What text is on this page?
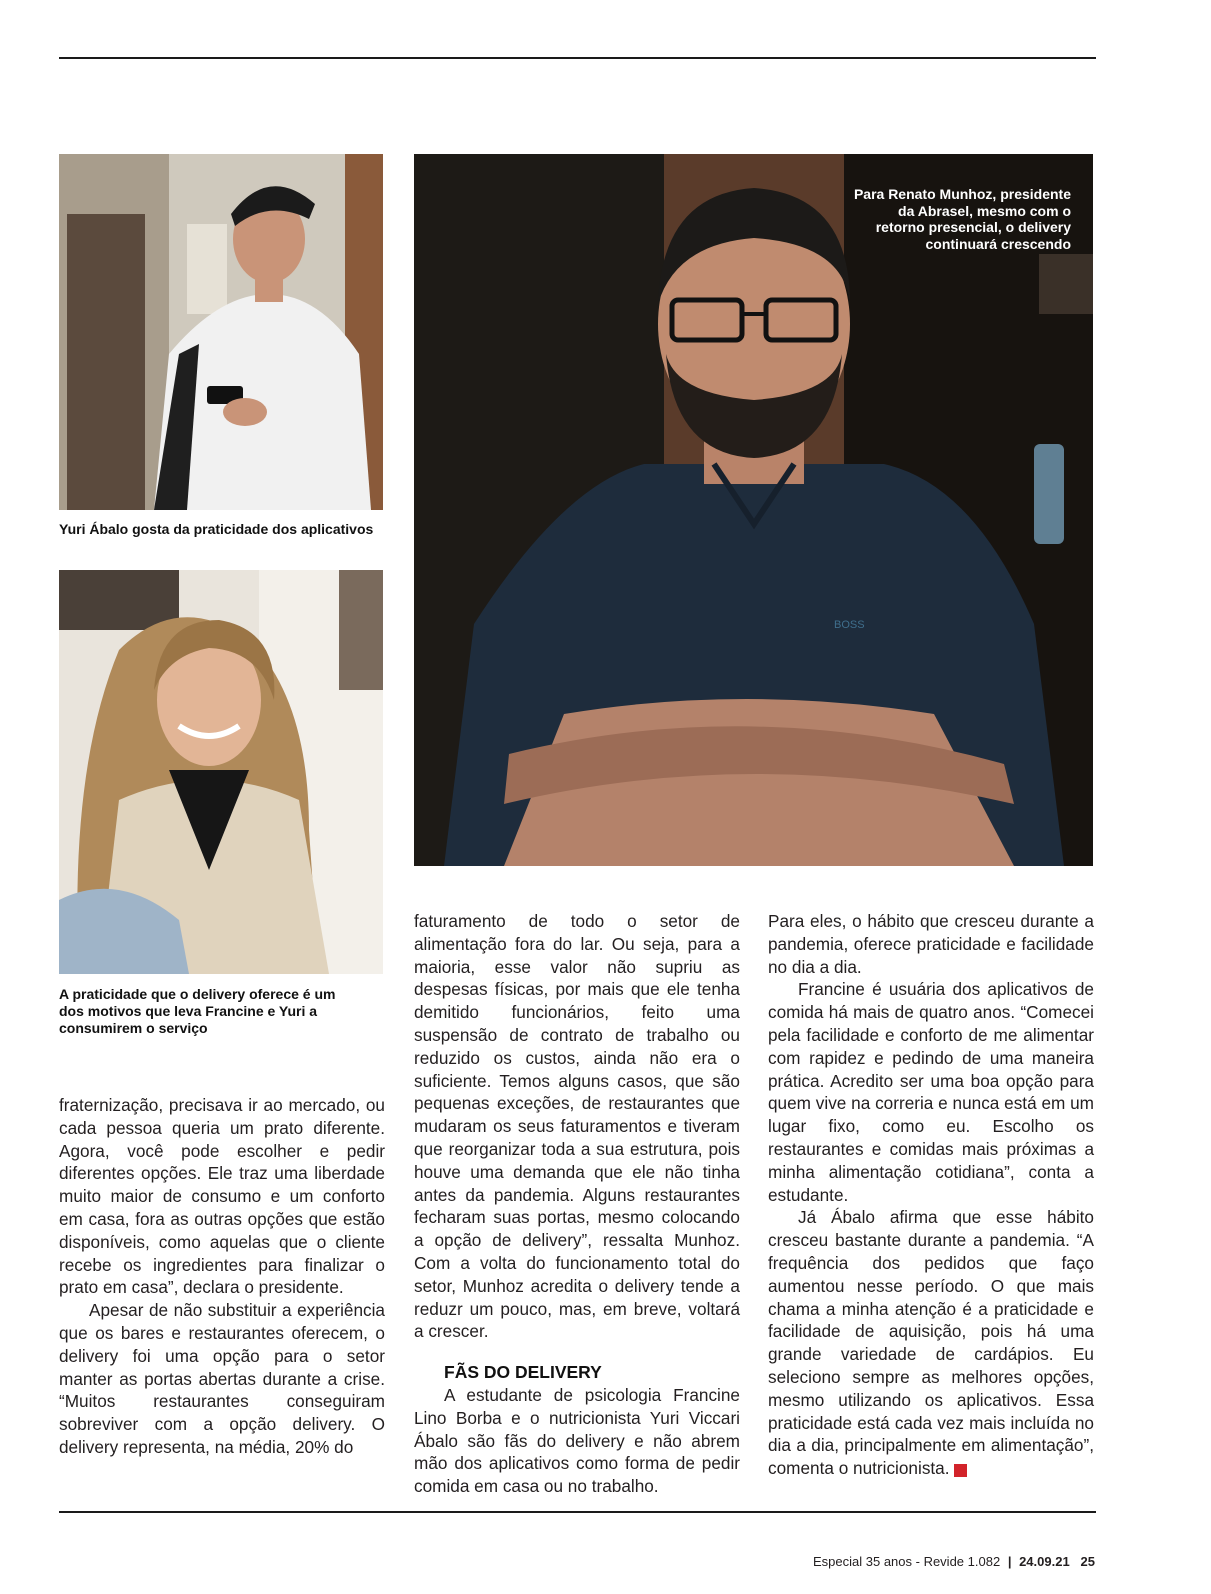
Yuri Ábalo gosta da praticidade dos aplicativos

A praticidade que o delivery oferece é um dos motivos que leva Francine e Yuri a consumirem o serviço

BOSS

Para Renato Munhoz, presidente da Abrasel, mesmo com o retorno presencial, o delivery continuará crescendo

fraternização, precisava ir ao mercado, ou cada pessoa queria um prato diferente. Agora, você pode escolher e pedir diferentes opções. Ele traz uma liberdade muito maior de consumo e um conforto em casa, fora as outras opções que estão disponíveis, como aquelas que o cliente recebe os ingredientes para finalizar o prato em casa”, declara o presidente.

Apesar de não substituir a experiência que os bares e restaurantes oferecem, o delivery foi uma opção para o setor manter as portas abertas durante a crise. “Muitos restaurantes conseguiram sobreviver com a opção delivery. O delivery representa, na média, 20% do

faturamento de todo o setor de alimentação fora do lar. Ou seja, para a maioria, esse valor não supriu as despesas físicas, por mais que ele tenha demitido funcionários, feito uma suspensão de contrato de trabalho ou reduzido os custos, ainda não era o suficiente. Temos alguns casos, que são pequenas exceções, de restaurantes que mudaram os seus faturamentos e tiveram que reorganizar toda a sua estrutura, pois houve uma demanda que ele não tinha antes da pandemia. Alguns restaurantes fecharam suas portas, mesmo colocando a opção de delivery”, ressalta Munhoz. Com a volta do funcionamento total do setor, Munhoz acredita o delivery tende a reduzr um pouco, mas, em breve, voltará a crescer.

FÃS DO DELIVERY

A estudante de psicologia Francine Lino Borba e o nutricionista Yuri Viccari Ábalo são fãs do delivery e não abrem mão dos aplicativos como forma de pedir comida em casa ou no trabalho.

Para eles, o hábito que cresceu durante a pandemia, oferece praticidade e facilidade no dia a dia.

Francine é usuária dos aplicativos de comida há mais de quatro anos. “Comecei pela facilidade e conforto de me alimentar com rapidez e pedindo de uma maneira prática. Acredito ser uma boa opção para quem vive na correria e nunca está em um lugar fixo, como eu. Escolho os restaurantes e comidas mais próximas a minha alimentação cotidiana”, conta a estudante.

Já Ábalo afirma que esse hábito cresceu bastante durante a pandemia. “A frequência dos pedidos que faço aumentou nesse período. O que mais chama a minha atenção é a praticidade e facilidade de aquisição, pois há uma grande variedade de cardápios. Eu seleciono sempre as melhores opções, mesmo utilizando os aplicativos. Essa praticidade está cada vez mais incluída no dia a dia, principalmente em alimentação”, comenta o nutricionista.	R

Especial 35 anos - Revide 1.082 | 24.09.21 25
